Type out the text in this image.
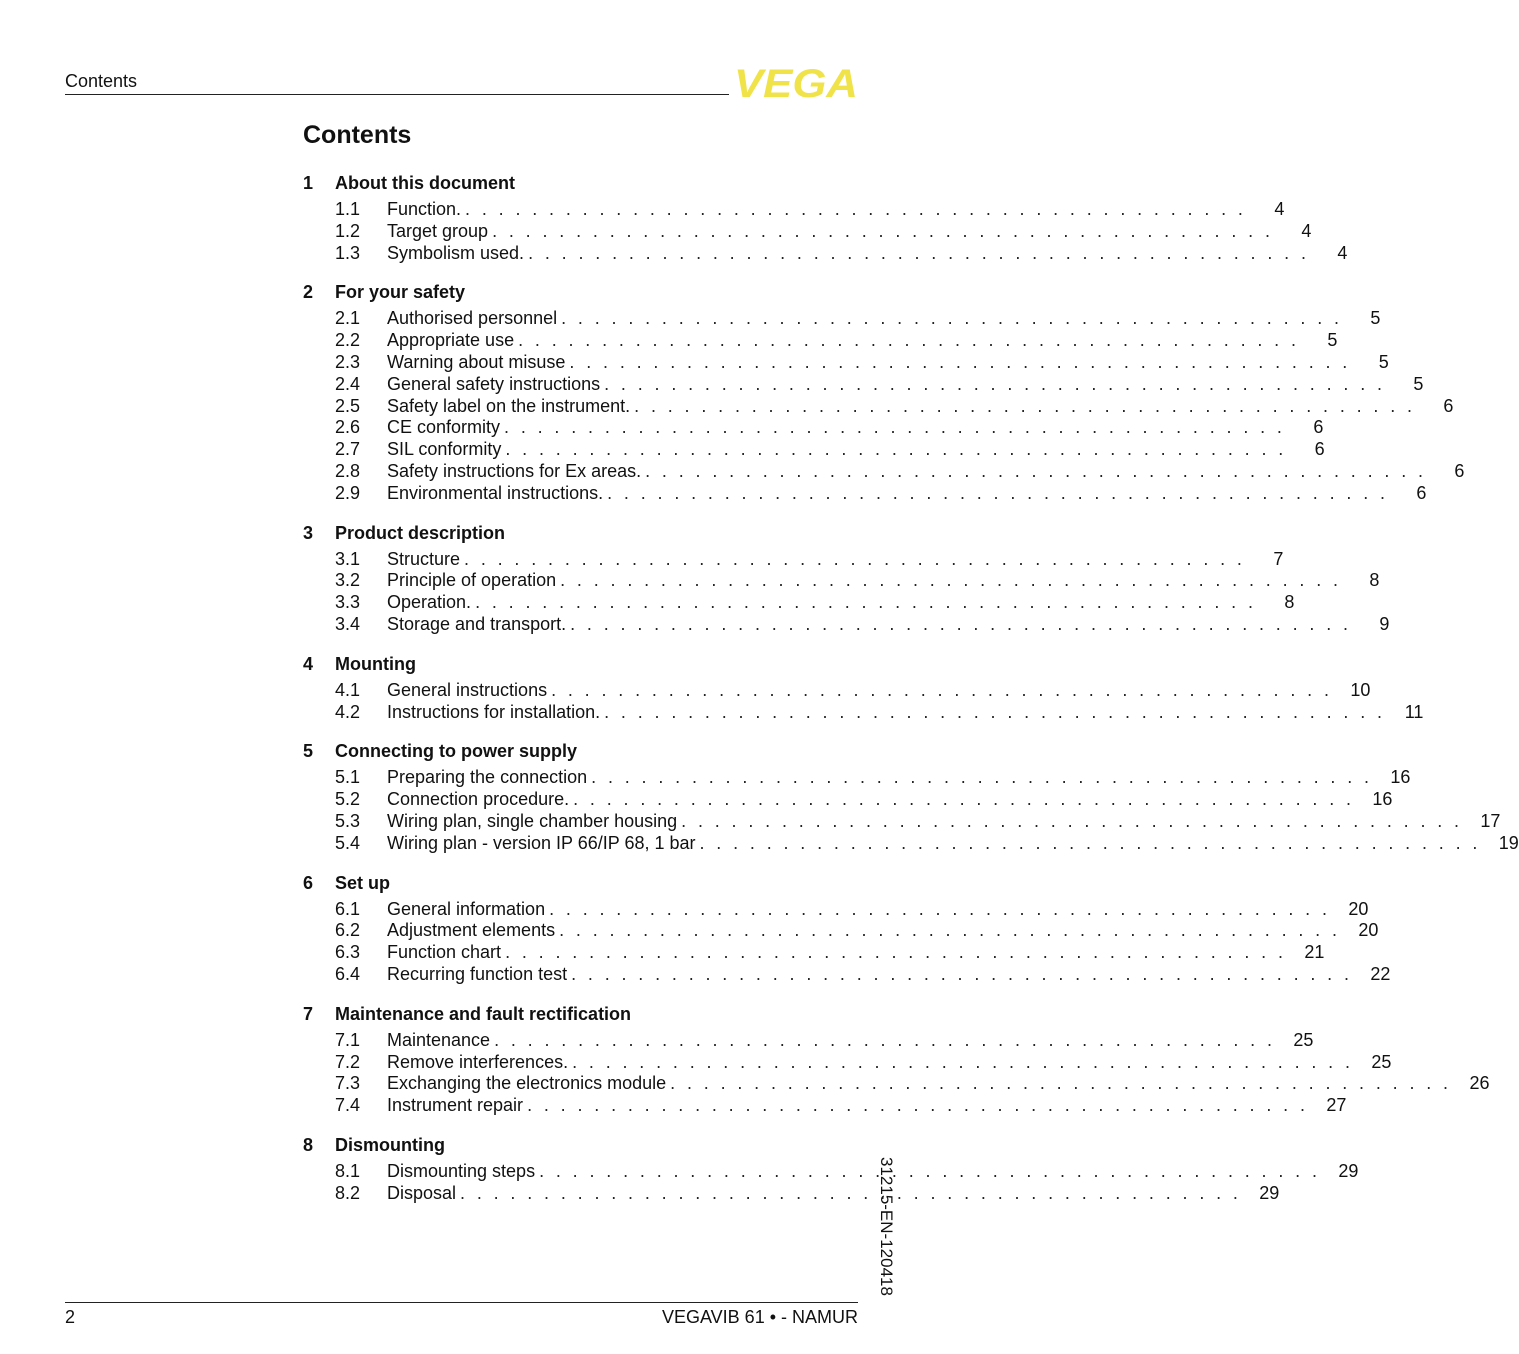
Contents	VEGA
Contents
1	About this document
1.1	Function. . . . . . . . . . . . . . . . . . . . . . . . . . . . . . . . . . . . . . . . . . . . . . . .	4
1.2	Target group . . . . . . . . . . . . . . . . . . . . . . . . . . . . . . . . . . . . . . . . . . . . . . .	4
1.3	Symbolism used. . . . . . . . . . . . . . . . . . . . . . . . . . . . . . . . . . . . . . . . . . . . . . . .	4
2	For your safety
2.1	Authorised personnel . . . . . . . . . . . . . . . . . . . . . . . . . . . . . . . . . . . . . . . . . . . . . . .	5
2.2	Appropriate use . . . . . . . . . . . . . . . . . . . . . . . . . . . . . . . . . . . . . . . . . . . . . . .	5
2.3	Warning about misuse . . . . . . . . . . . . . . . . . . . . . . . . . . . . . . . . . . . . . . . . . . . . . . .	5
2.4	General safety instructions . . . . . . . . . . . . . . . . . . . . . . . . . . . . . . . . . . . . . . . . . . . . . . .	5
2.5	Safety label on the instrument. . . . . . . . . . . . . . . . . . . . . . . . . . . . . . . . . . . . . . . . . . . . . . . .	6
2.6	CE conformity . . . . . . . . . . . . . . . . . . . . . . . . . . . . . . . . . . . . . . . . . . . . . . .	6
2.7	SIL conformity . . . . . . . . . . . . . . . . . . . . . . . . . . . . . . . . . . . . . . . . . . . . . . .	6
2.8	Safety instructions for Ex areas. . . . . . . . . . . . . . . . . . . . . . . . . . . . . . . . . . . . . . . . . . . . . . . .	6
2.9	Environmental instructions. . . . . . . . . . . . . . . . . . . . . . . . . . . . . . . . . . . . . . . . . . . . . . . .	6
3	Product description
3.1	Structure . . . . . . . . . . . . . . . . . . . . . . . . . . . . . . . . . . . . . . . . . . . . . . .	7
3.2	Principle of operation . . . . . . . . . . . . . . . . . . . . . . . . . . . . . . . . . . . . . . . . . . . . . . .	8
3.3	Operation. . . . . . . . . . . . . . . . . . . . . . . . . . . . . . . . . . . . . . . . . . . . . . . .	8
3.4	Storage and transport. . . . . . . . . . . . . . . . . . . . . . . . . . . . . . . . . . . . . . . . . . . . . . . .	9
4	Mounting
4.1	General instructions . . . . . . . . . . . . . . . . . . . . . . . . . . . . . . . . . . . . . . . . . . . . . . . 10
4.2	Instructions for installation. . . . . . . . . . . . . . . . . . . . . . . . . . . . . . . . . . . . . . . . . . . . . . . .	11
5	Connecting to power supply
5.1	Preparing the connection . . . . . . . . . . . . . . . . . . . . . . . . . . . . . . . . . . . . . . . . . . . . . . . 16
5.2	Connection procedure. . . . . . . . . . . . . . . . . . . . . . . . . . . . . . . . . . . . . . . . . . . . . . . . 16
5.3	Wiring plan, single chamber housing . . . . . . . . . . . . . . . . . . . . . . . . . . . . . . . . . . . . . . . . . . . . . . . 17
5.4	Wiring plan - version IP 66/IP 68, 1 bar . . . . . . . . . . . . . . . . . . . . . . . . . . . . . . . . . . . . . . . . . . . . . . . 19
6	Set up
6.1	General information . . . . . . . . . . . . . . . . . . . . . . . . . . . . . . . . . . . . . . . . . . . . . . . 20
6.2	Adjustment elements . . . . . . . . . . . . . . . . . . . . . . . . . . . . . . . . . . . . . . . . . . . . . . . 20
6.3	Function chart . . . . . . . . . . . . . . . . . . . . . . . . . . . . . . . . . . . . . . . . . . . . . . . 21
6.4	Recurring function test . . . . . . . . . . . . . . . . . . . . . . . . . . . . . . . . . . . . . . . . . . . . . . . 22
7	Maintenance and fault rectification
7.1	Maintenance . . . . . . . . . . . . . . . . . . . . . . . . . . . . . . . . . . . . . . . . . . . . . . . 25
7.2	Remove interferences. . . . . . . . . . . . . . . . . . . . . . . . . . . . . . . . . . . . . . . . . . . . . . . . 25
7.3	Exchanging the electronics module . . . . . . . . . . . . . . . . . . . . . . . . . . . . . . . . . . . . . . . . . . . . . . . 26
7.4	Instrument repair . . . . . . . . . . . . . . . . . . . . . . . . . . . . . . . . . . . . . . . . . . . . . . . 27
8	Dismounting
8.1	Dismounting steps . . . . . . . . . . . . . . . . . . . . . . . . . . . . . . . . . . . . . . . . . . . . . . . 29
8.2	Disposal . . . . . . . . . . . . . . . . . . . . . . . . . . . . . . . . . . . . . . . . . . . . . . . 29
31215-EN-120418
2	VEGAVIB 61 • - NAMUR
